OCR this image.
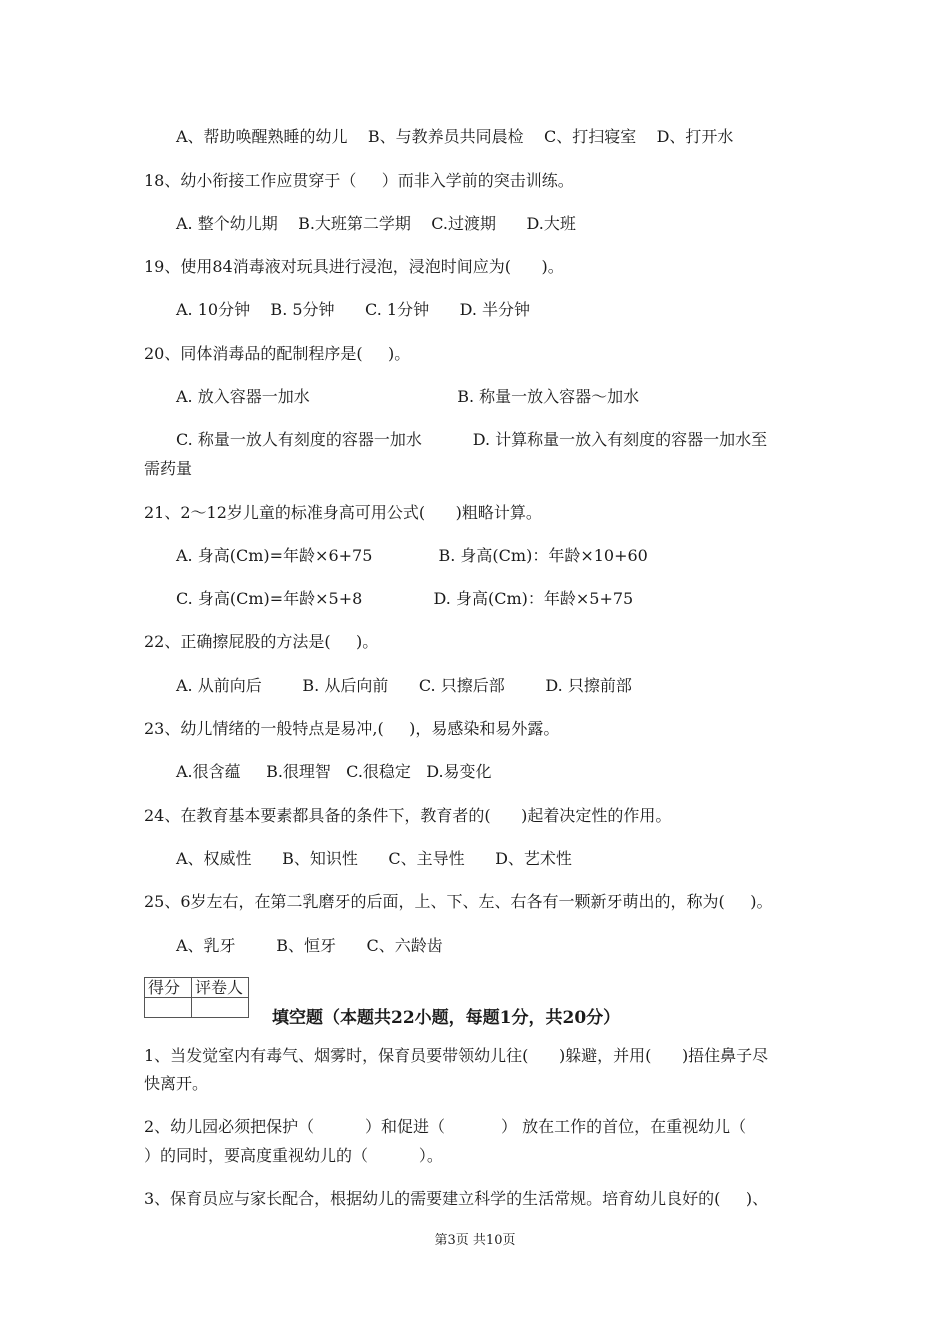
A、帮助唤醒熟睡的幼儿    B、与教养员共同晨检    C、打扫寝室    D、打开水
18、幼小衔接工作应贯穿于（     ）而非入学前的突击训练。
A. 整个幼儿期    B.大班第二学期    C.过渡期      D.大班
19、使用84消毒液对玩具进行浸泡，浸泡时间应为(      )。
A. 10分钟    B. 5分钟      C. 1分钟      D. 半分钟
20、同体消毒品的配制程序是(     )。
A. 放入容器一加水                             B. 称量一放入容器～加水
C. 称量一放人有刻度的容器一加水          D. 计算称量一放入有刻度的容器一加水至
需药量
21、2～12岁儿童的标准身高可用公式(      )粗略计算。
A. 身高(Cm)=年龄×6+75             B. 身高(Cm)：年龄×10+60
C. 身高(Cm)=年龄×5+8              D. 身高(Cm)：年龄×5+75
22、正确擦屁股的方法是(     )。
A. 从前向后        B. 从后向前      C. 只擦后部        D. 只擦前部
23、幼儿情绪的一般特点是易冲,(     )，易感染和易外露。
A.很含蕴     B.很理智   C.很稳定   D.易变化
24、在教育基本要素都具备的条件下，教育者的(      )起着决定性的作用。
A、权威性      B、知识性      C、主导性      D、艺术性
25、6岁左右，在第二乳磨牙的后面，上、下、左、右各有一颗新牙萌出的，称为(     )。
A、乳牙        B、恒牙      C、六龄齿
得分	评卷人

填空题（本题共22小题，每题1分，共20分）
1、当发觉室内有毒气、烟雾时，保育员要带领幼儿往(      )躲避，并用(      )捂住鼻子尽
快离开。
2、幼儿园必须把保护（          ）和促进（           ） 放在工作的首位，在重视幼儿（
）的同时，要高度重视幼儿的（          ）。
3、保育员应与家长配合，根据幼儿的需要建立科学的生活常规。培育幼儿良好的(     )、
第3页 共10页
